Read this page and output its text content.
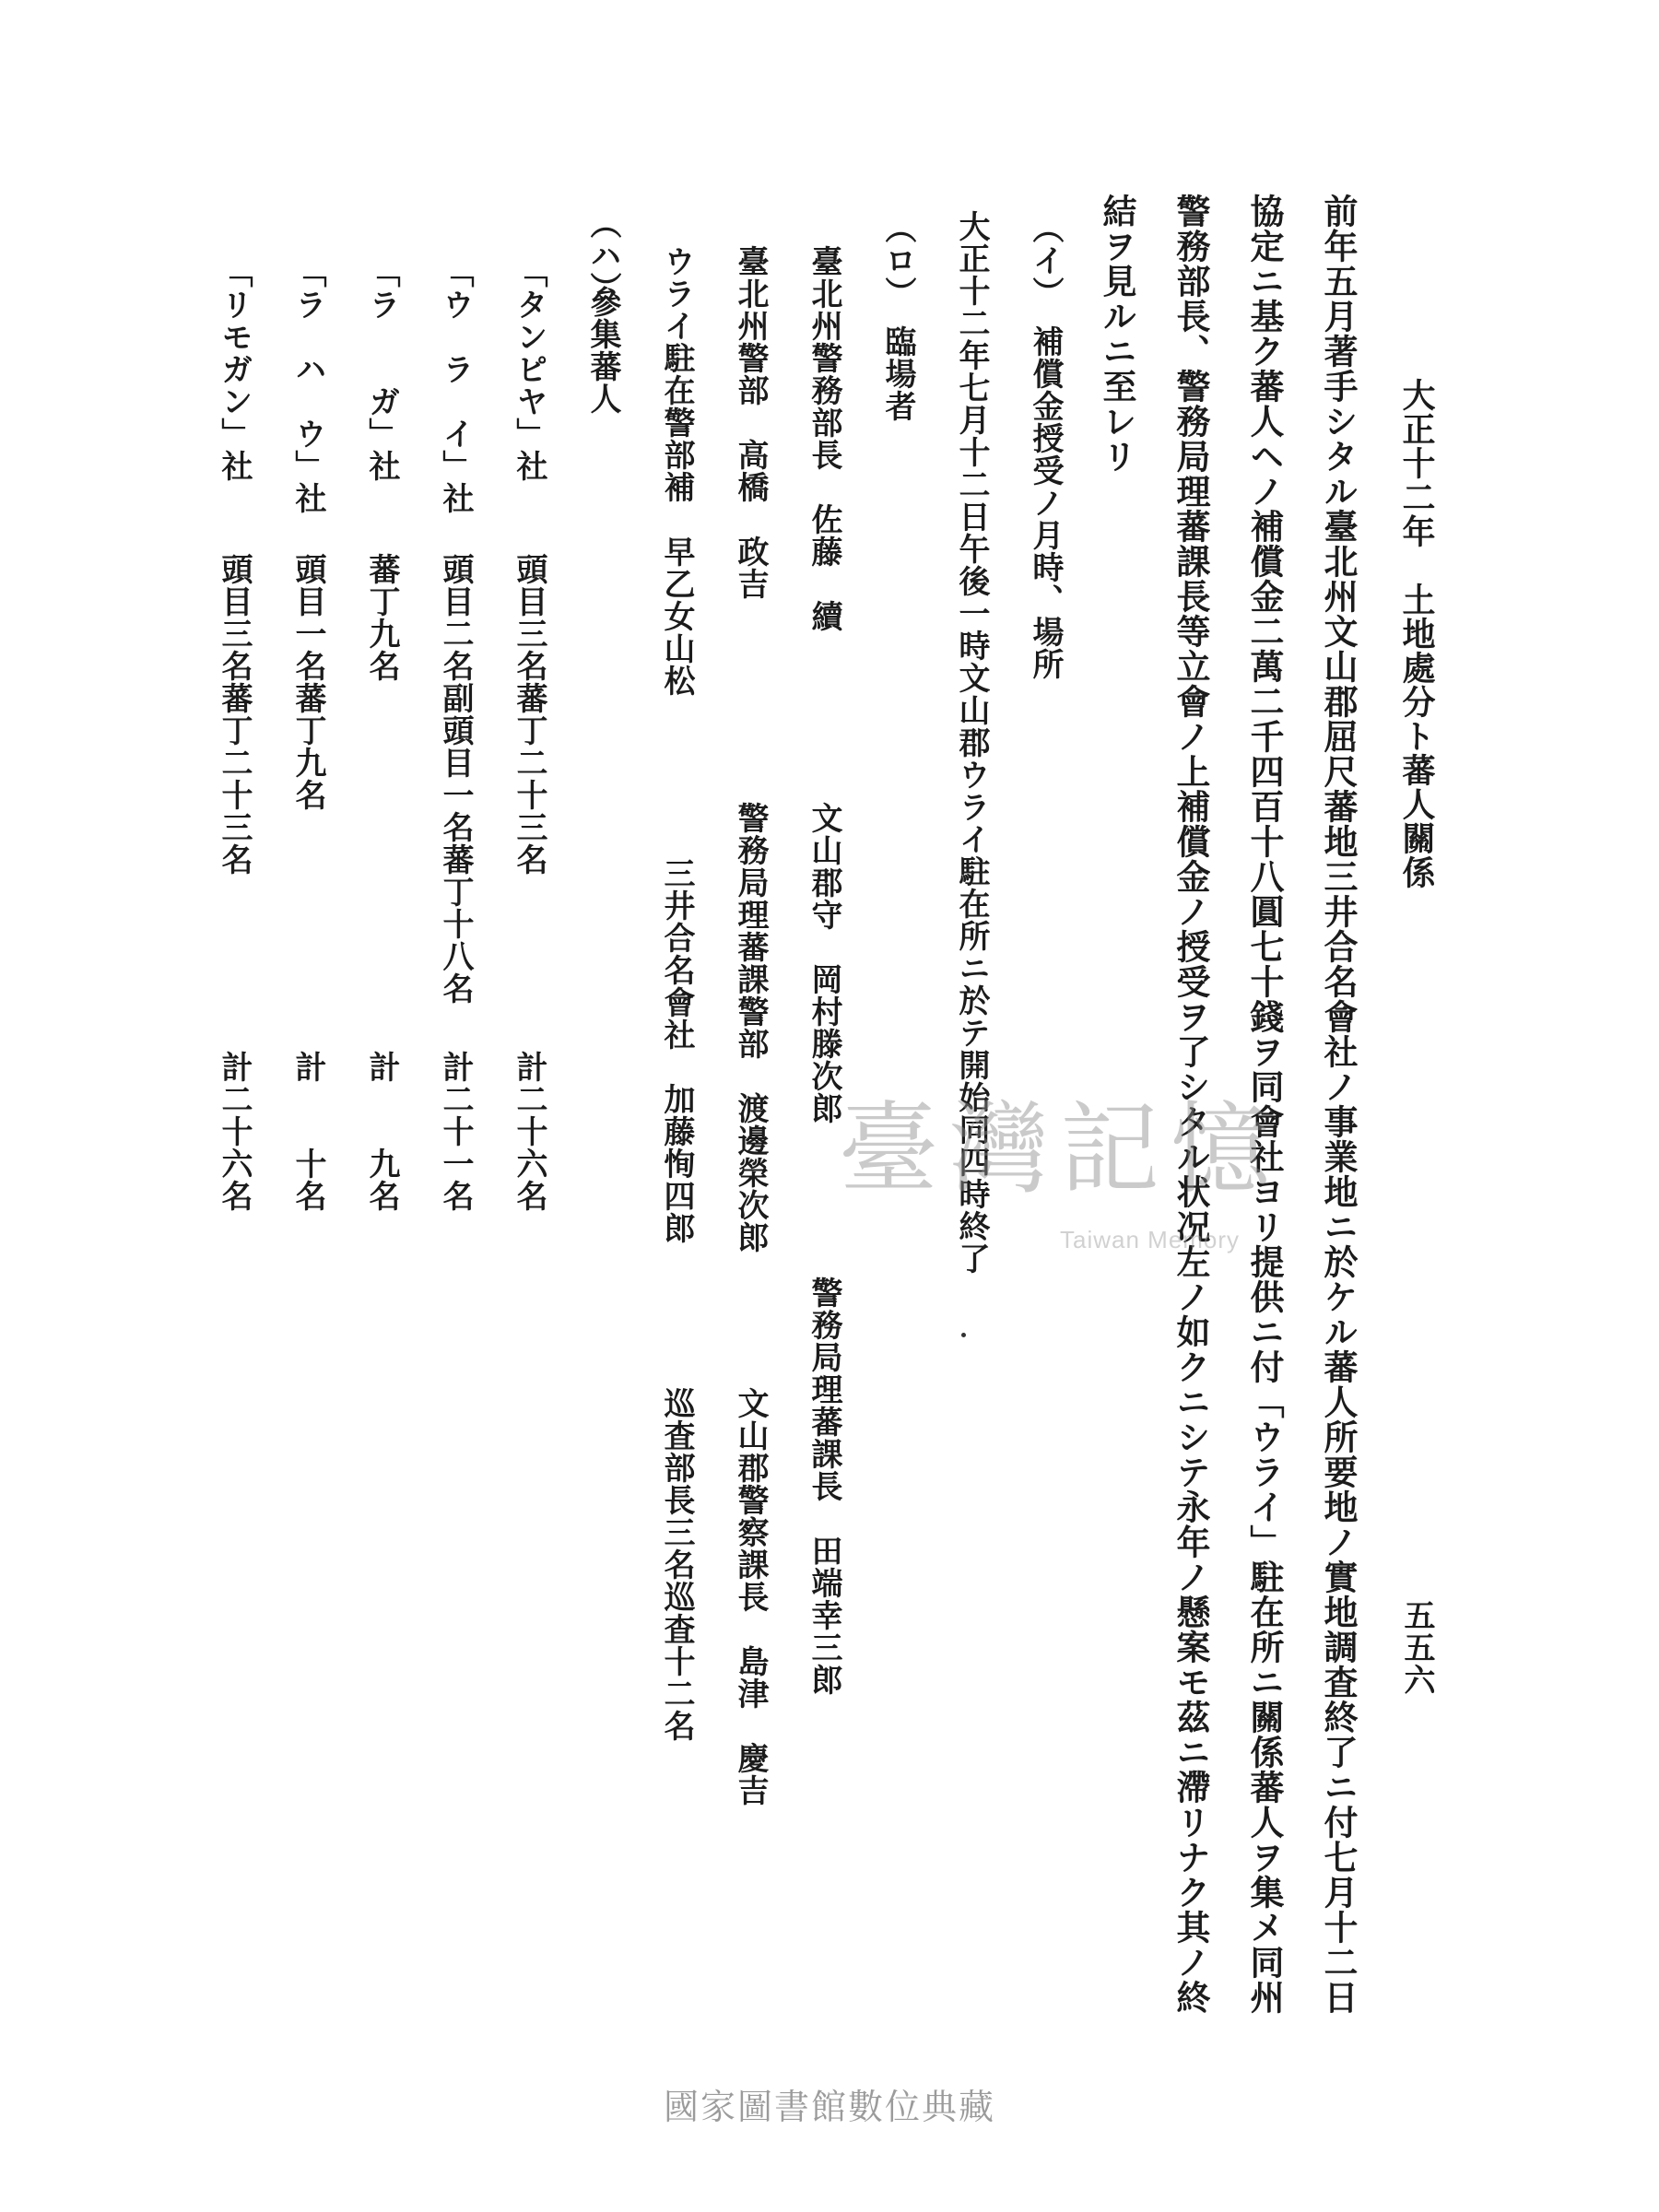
大正十二年　土地處分ト蕃人關係
五五六
前年五月著手シタル臺北州文山郡屈尺蕃地三井合名會社ノ事業地ニ於ケル蕃人所要地ノ實地調査終了ニ付七月十二日
協定ニ基ク蕃人ヘノ補償金二萬二千四百十八圓七十錢ヲ同會社ヨリ提供ニ付「ウライ」駐在所ニ關係蕃人ヲ集メ同州
警務部長、警務局理蕃課長等立會ノ上補償金ノ授受ヲ了シタル状况左ノ如クニシテ永年ノ懸案モ茲ニ滯リナク其ノ終
結ヲ見ルニ至レリ
（イ）　補償金授受ノ月時、場所
大正十二年七月十二日午後一時文山郡ウライ駐在所ニ於テ開始同四時終了
（ロ）　臨場者
臺北州警務部長　佐藤　續
文山郡守　岡村滕次郎
警務局理蕃課長　田端幸三郎
臺北州警部　高橋　政吉
警務局理蕃課警部　渡邊榮次郎
文山郡警察課長　島津　慶吉
ウライ駐在警部補　早乙女山松
三井合名會社　加藤恂四郎
巡査部長三名巡査十二名
（ハ）
參集蕃人
「タンピヤ」社
頭目三名蕃丁二十三名
計二十六名
「ウ　ラ　イ」社
頭目二名副頭目一名蕃丁十八名
計二十一名
「ラ　　ガ」社
蕃丁九名
計　　九名
「ラ　ハ　ウ」社
頭目一名蕃丁九名
計　　十名
「リモガン」社
頭目三名蕃丁二十三名
計二十六名	臺灣記憶
Taiwan Memory
國家圖書館數位典藏
